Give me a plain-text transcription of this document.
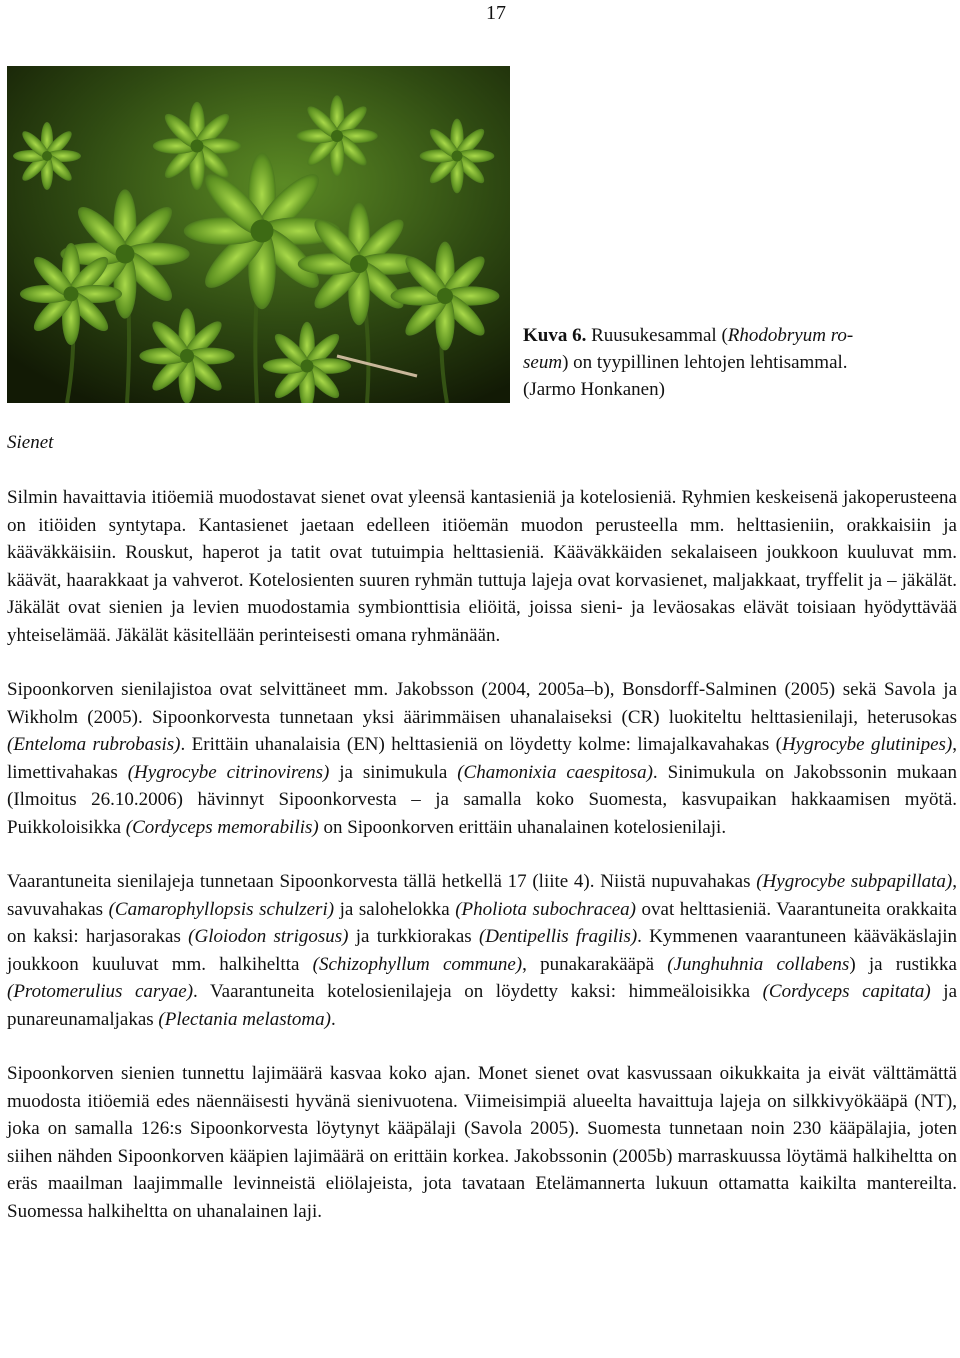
17
Kuva 6. Ruusukesammal (Rhodobryum ro-
seum) on tyypillinen lehtojen lehtisammal.
(Jarmo Honkanen)
Sienet

Silmin havaittavia itiöemiä muodostavat sienet ovat yleensä kantasieniä ja kotelosieniä. Ryhmien keskeisenä jakoperusteena on itiöiden syntytapa. Kantasienet jaetaan edelleen itiöemän muodon perusteella mm. helttasieniin, orakkaisiin ja kääväkkäisiin. Rouskut, haperot ja tatit ovat tutuimpia helttasieniä. Kääväkkäiden sekalaiseen joukkoon kuuluvat mm. käävät, haarakkaat ja vahverot. Kotelosienten suuren ryhmän tuttuja lajeja ovat korvasienet, maljakkaat, tryffelit ja – jäkälät. Jäkälät ovat sienien ja levien muodostamia symbionttisia eliöitä, joissa sieni- ja leväosakas elävät toisiaan hyödyttävää yhteiselämää. Jäkälät käsitellään perinteisesti omana ryhmänään.

Sipoonkorven sienilajistoa ovat selvittäneet mm. Jakobsson (2004, 2005a–b), Bonsdorff-Salminen (2005) sekä Savola ja Wikholm (2005). Sipoonkorvesta tunnetaan yksi äärimmäisen uhanalaiseksi (CR) luokiteltu helttasienilaji, heterusokas (Enteloma rubrobasis). Erittäin uhanalaisia (EN) helttasieniä on löydetty kolme: limajalkavahakas (Hygrocybe glutinipes), limettivahakas (Hygrocybe citrinovirens) ja sinimukula (Chamonixia caespitosa). Sinimukula on Jakobssonin mukaan (Ilmoitus 26.10.2006) hävinnyt Sipoonkorvesta – ja samalla koko Suomesta, kasvupaikan hakkaamisen myötä. Puikkoloisikka (Cordyceps memorabilis) on Sipoonkorven erittäin uhanalainen kotelosienilaji.

Vaarantuneita sienilajeja tunnetaan Sipoonkorvesta tällä hetkellä 17 (liite 4). Niistä nupuvahakas (Hygrocybe subpapillata), savuvahakas (Camarophyllopsis schulzeri) ja salohelokka (Pholiota subochracea) ovat helttasieniä. Vaarantuneita orakkaita on kaksi: harjasorakas (Gloiodon strigosus) ja turkkiorakas (Dentipellis fragilis). Kymmenen vaarantuneen kääväkäslajin joukkoon kuuluvat mm. halkiheltta (Schizophyllum commune), punakarakääpä (Junghuhnia collabens) ja rustikka (Protomerulius caryae). Vaarantuneita kotelosienilajeja on löydetty kaksi: himmeäloisikka (Cordyceps capitata) ja punareunamaljakas (Plectania melastoma).

Sipoonkorven sienien tunnettu lajimäärä kasvaa koko ajan. Monet sienet ovat kasvussaan oikukkaita ja eivät välttämättä muodosta itiöemiä edes näennäisesti hyvänä sienivuotena. Viimeisimpiä alueelta havaittuja lajeja on silkkivyökääpä (NT), joka on samalla 126:s Sipoonkorvesta löytynyt kääpälaji (Savola 2005). Suomesta tunnetaan noin 230 kääpälajia, joten siihen nähden Sipoonkorven kääpien lajimäärä on erittäin korkea. Jakobssonin (2005b) marraskuussa löytämä halkiheltta on eräs maailman laajimmalle levinneistä eliölajeista, jota tavataan Etelämannerta lukuun ottamatta kaikilta mantereilta. Suomessa halkiheltta on uhanalainen laji.
